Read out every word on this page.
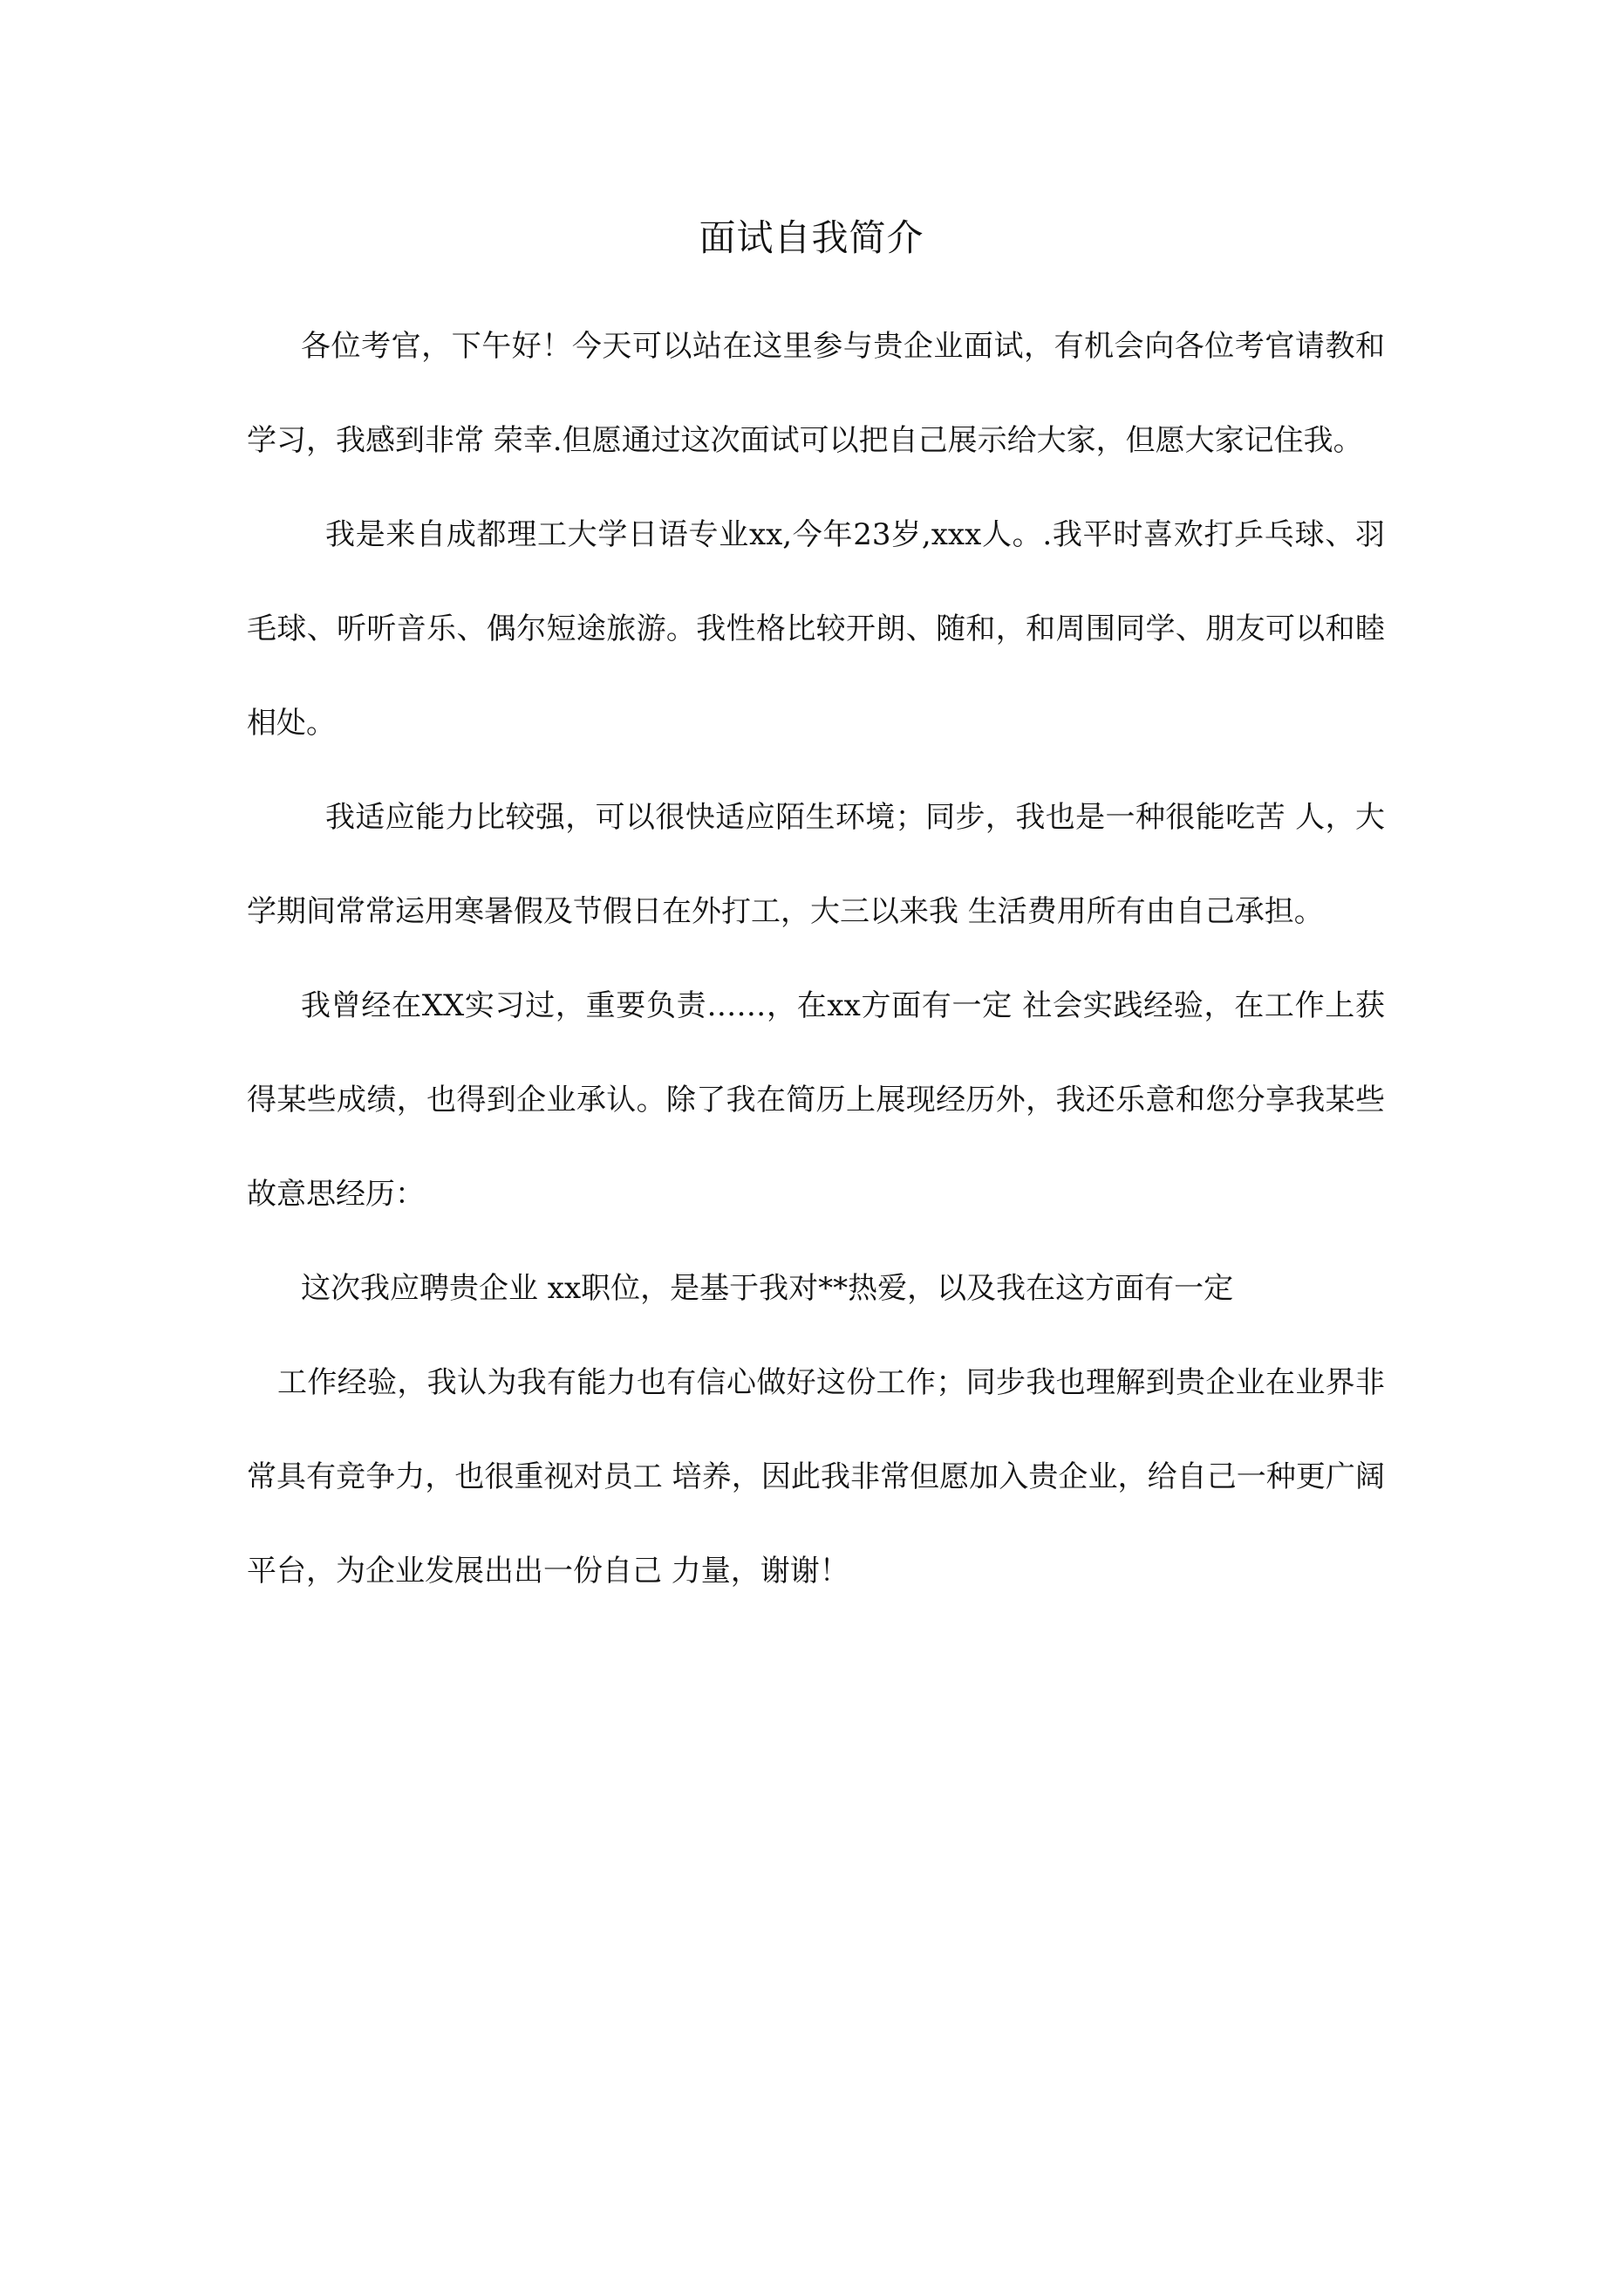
面试自我简介

各位考官，下午好！今天可以站在这里参与贵企业面试，有机会向各位考官请教和学习，我感到非常 荣幸.但愿通过这次面试可以把自己展示给大家，但愿大家记住我。

我是来自成都理工大学日语专业xx,今年23岁,xxx人。.我平时喜欢打乒乓球、羽毛球、听听音乐、偶尔短途旅游。我性格比较开朗、随和，和周围同学、朋友可以和睦相处。

我适应能力比较强，可以很快适应陌生环境；同步，我也是一种很能吃苦 人，大学期间常常运用寒暑假及节假日在外打工，大三以来我 生活费用所有由自己承担。

我曾经在XX实习过，重要负责……，在xx方面有一定 社会实践经验，在工作上获得某些成绩，也得到企业承认。除了我在简历上展现经历外，我还乐意和您分享我某些故意思经历：

这次我应聘贵企业 xx职位，是基于我对**热爱，以及我在这方面有一定

工作经验，我认为我有能力也有信心做好这份工作；同步我也理解到贵企业在业界非常具有竞争力，也很重视对员工 培养，因此我非常但愿加入贵企业，给自己一种更广阔 平台，为企业发展出出一份自己 力量，谢谢！
